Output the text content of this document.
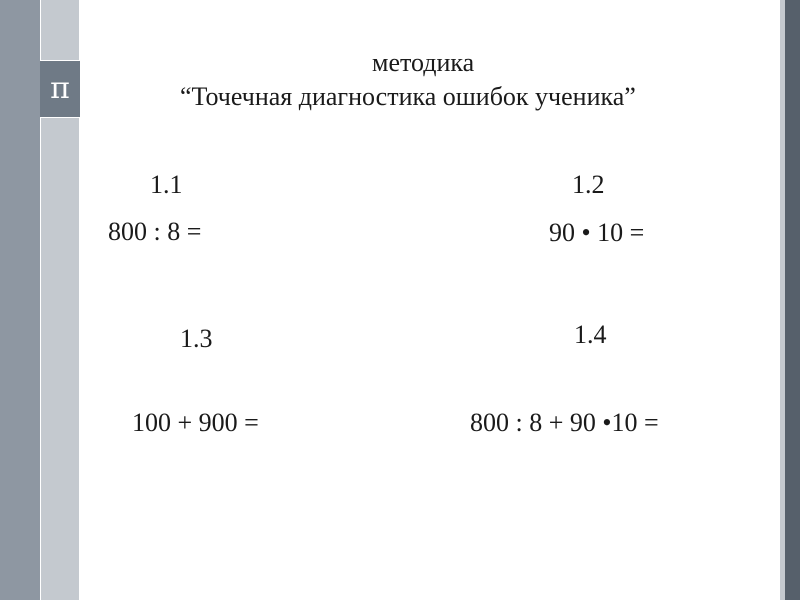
π
методика
“Точечная диагностика ошибок ученика”
1.1
800 : 8 =
1.2
90 • 10 =
1.3
100 + 900 =
1.4
800 : 8 + 90 •10 =
